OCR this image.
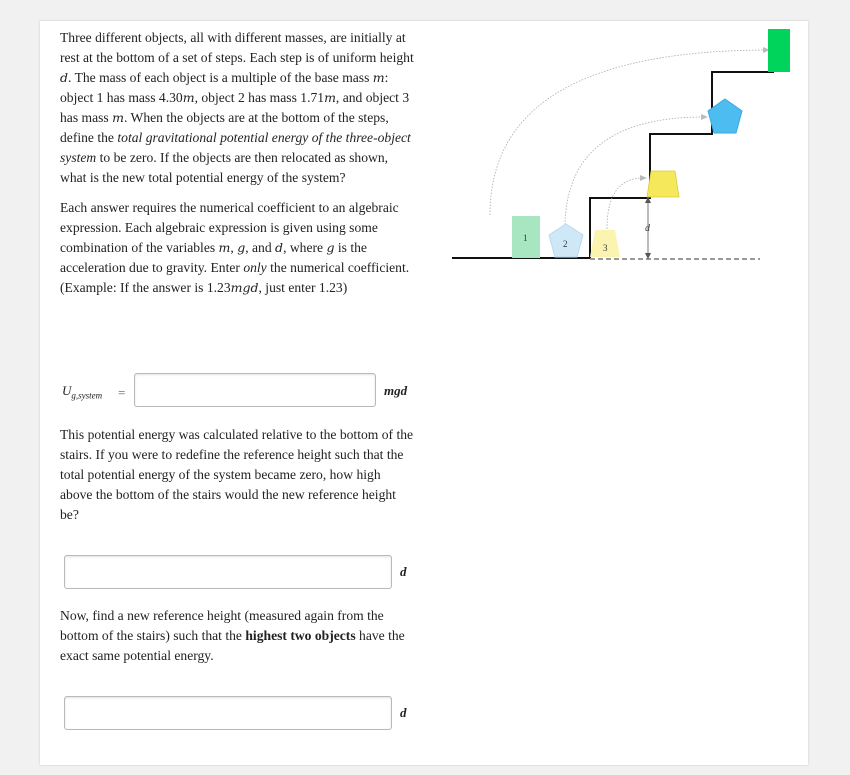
Three different objects, all with different masses, are initially at rest at the bottom of a set of steps. Each step is of uniform height d. The mass of each object is a multiple of the base mass m: object 1 has mass 4.30m, object 2 has mass 1.71m, and object 3 has mass m. When the objects are at the bottom of the steps, define the total gravitational potential energy of the three-object system to be zero. If the objects are then relocated as shown, what is the new total potential energy of the system?

Each answer requires the numerical coefficient to an algebraic expression. Each algebraic expression is given using some combination of the variables m, g, and d, where g is the acceleration due to gravity. Enter only the numerical coefficient. (Example: If the answer is 1.23mgd, just enter 1.23)

$U_{g,system}$ =	mgd

This potential energy was calculated relative to the bottom of the stairs. If you were to redefine the reference height such that the total potential energy of the system became zero, how high above the bottom of the stairs would the new reference height be?

d

Now, find a new reference height (measured again from the bottom of the stairs) such that the highest two objects have the exact same potential energy.

d
d
1
2	3
